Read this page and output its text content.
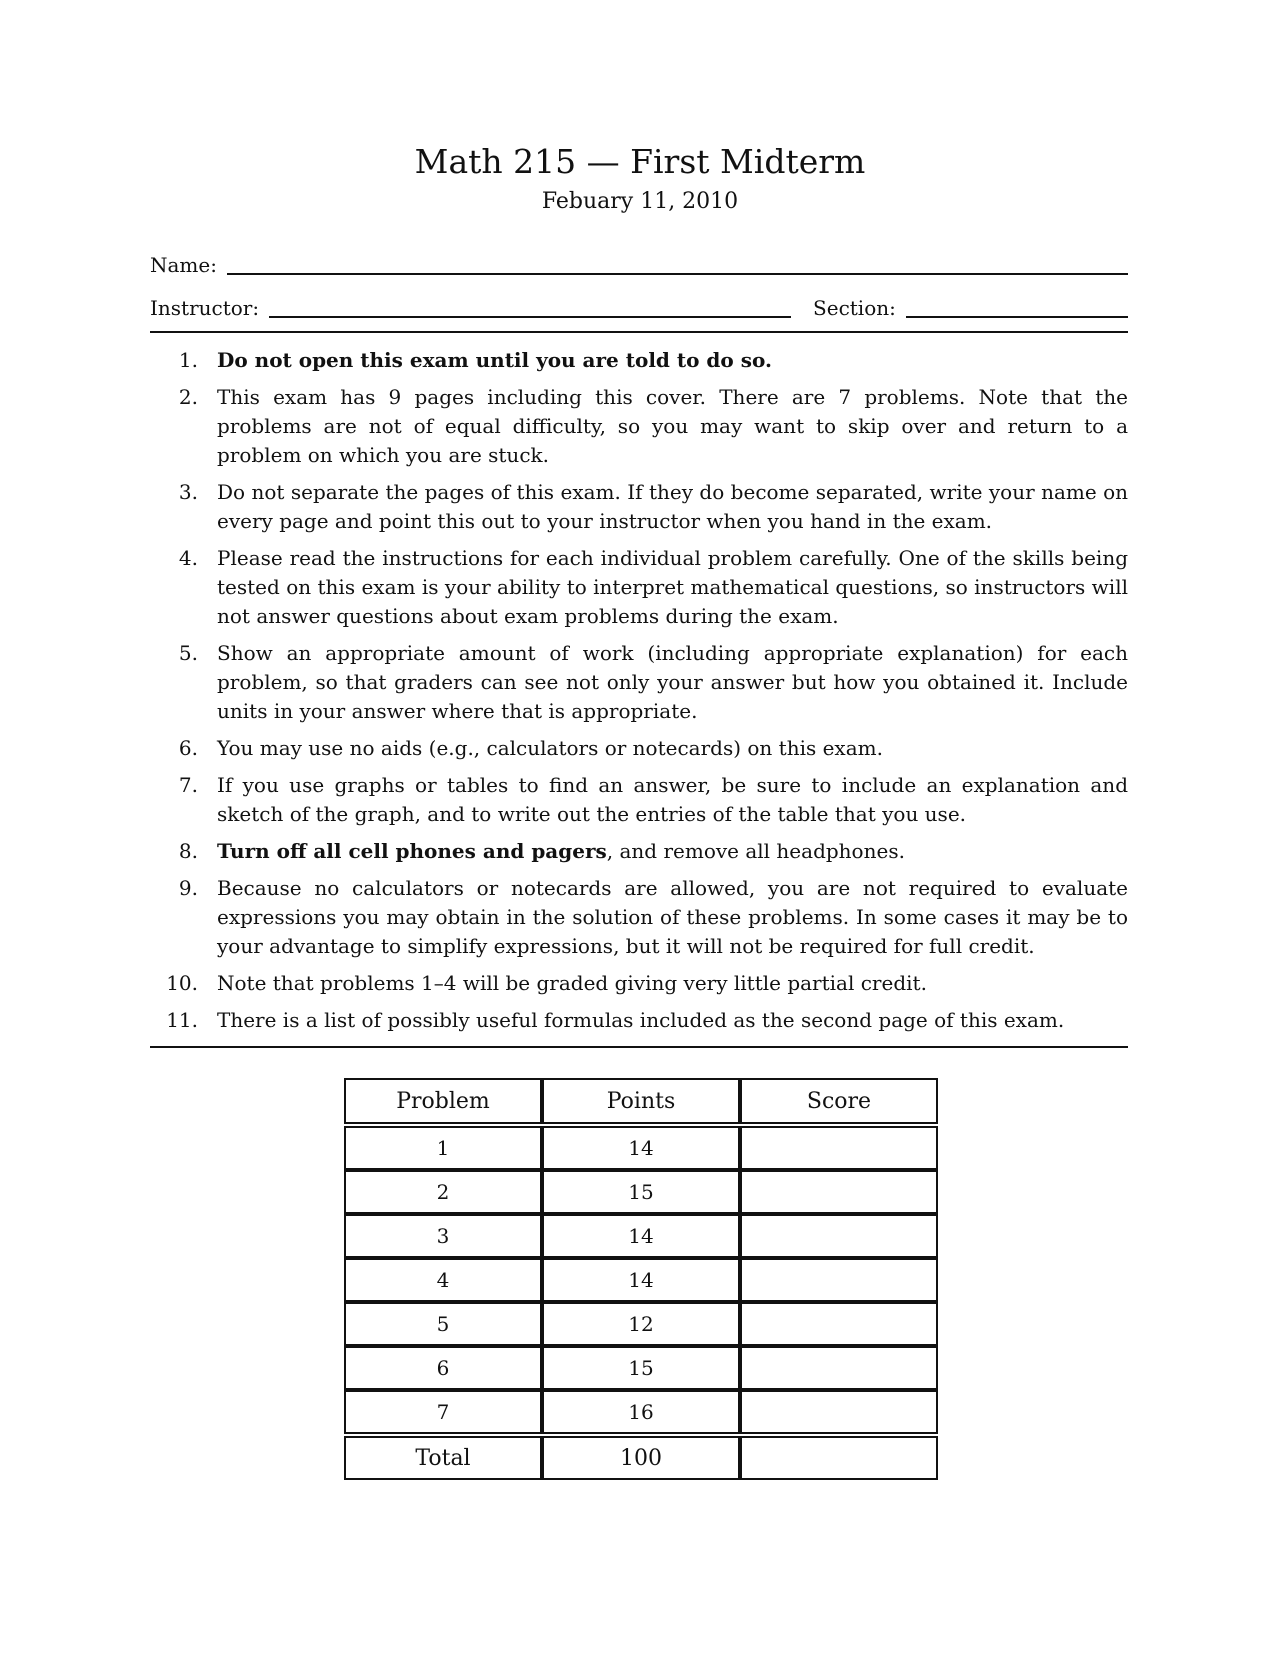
Math 215 — First Midterm
Febuary 11, 2010
Name:
Instructor:	Section:
1. Do not open this exam until you are told to do so.
2. This exam has 9 pages including this cover. There are 7 problems. Note that the problems are not of equal difficulty, so you may want to skip over and return to a problem on which you are stuck.
3. Do not separate the pages of this exam. If they do become separated, write your name on every page and point this out to your instructor when you hand in the exam.
4. Please read the instructions for each individual problem carefully. One of the skills being tested on this exam is your ability to interpret mathematical questions, so instructors will not answer questions about exam problems during the exam.
5. Show an appropriate amount of work (including appropriate explanation) for each problem, so that graders can see not only your answer but how you obtained it. Include units in your answer where that is appropriate.
6. You may use no aids (e.g., calculators or notecards) on this exam.
7. If you use graphs or tables to find an answer, be sure to include an explanation and sketch of the graph, and to write out the entries of the table that you use.
8. Turn off all cell phones and pagers, and remove all headphones.
9. Because no calculators or notecards are allowed, you are not required to evaluate expressions you may obtain in the solution of these problems. In some cases it may be to your advantage to simplify expressions, but it will not be required for full credit.
10. Note that problems 1–4 will be graded giving very little partial credit.
11. There is a list of possibly useful formulas included as the second page of this exam.
Problem	Points	Score

1	14	
2	15	
3	14	
4	14	
5	12	
6	15	
7	16	

Total	100	
